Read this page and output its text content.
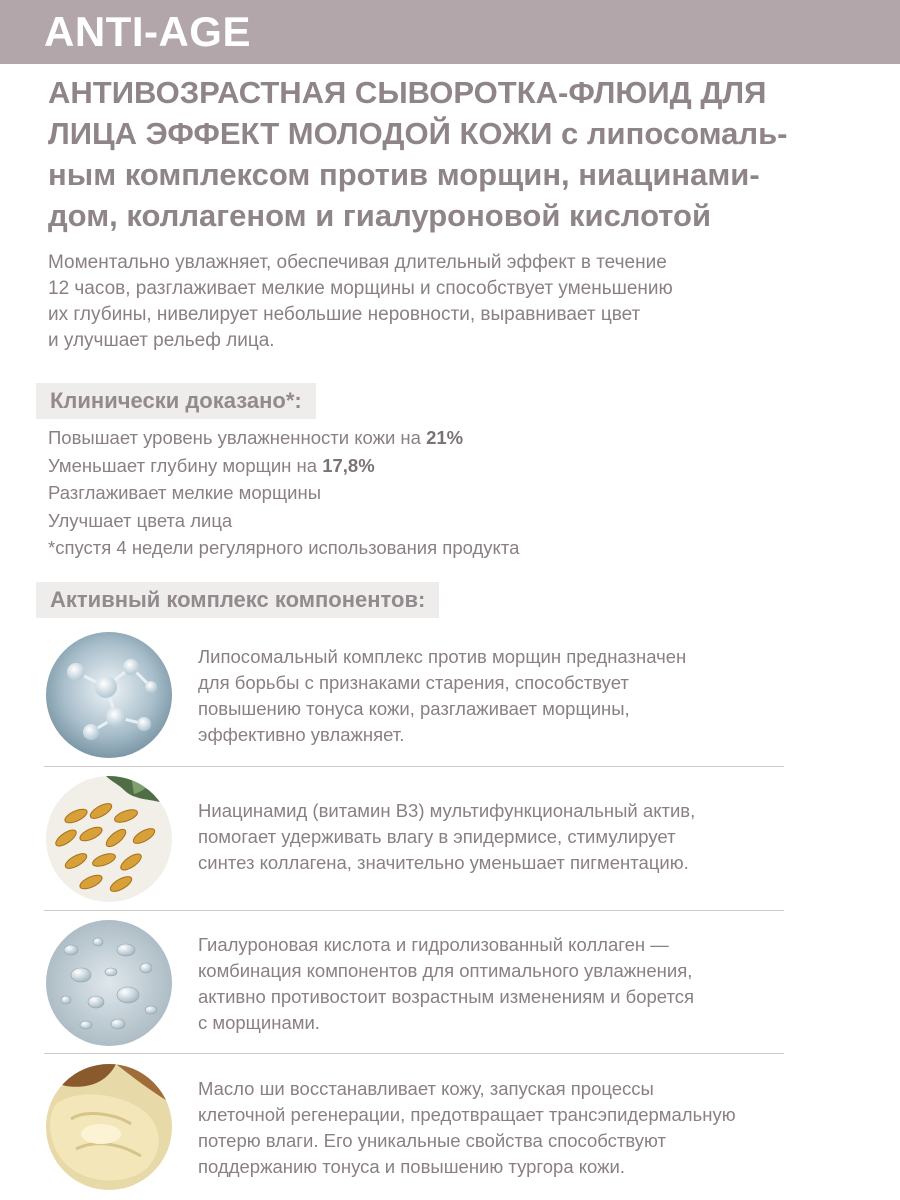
ANTI-AGE
АНТИВОЗРАСТНАЯ СЫВОРОТКА-ФЛЮИД ДЛЯ
ЛИЦА ЭФФЕКТ МОЛОДОЙ КОЖИ с липосомаль-
ным комплексом против морщин, ниацинами-
дом, коллагеном и гиалуроновой кислотой
Моментально увлажняет, обеспечивая длительный эффект в течение
12 часов, разглаживает мелкие морщины и способствует уменьшению
их глубины, нивелирует небольшие неровности, выравнивает цвет
и улучшает рельеф лица.
Клинически доказано*:
Повышает уровень увлажненности кожи на 21%
Уменьшает глубину морщин на 17,8%
Разглаживает мелкие морщины
Улучшает цвета лица
*спустя 4 недели регулярного использования продукта
Активный комплекс компонентов:
Липосомальный комплекс против морщин предназначен
для борьбы с признаками старения, способствует
повышению тонуса кожи, разглаживает морщины,
эффективно увлажняет.
Ниацинамид (витамин В3) мультифункциональный актив,
помогает удерживать влагу в эпидермисе, стимулирует
синтез коллагена, значительно уменьшает пигментацию.
Гиалуроновая кислота и гидролизованный коллаген —
комбинация компонентов для оптимального увлажнения,
активно противостоит возрастным изменениям и борется
с морщинами.
Масло ши восстанавливает кожу, запуская процессы
клеточной регенерации, предотвращает трансэпидермальную
потерю влаги. Его уникальные свойства способствуют
поддержанию тонуса и повышению тургора кожи.
